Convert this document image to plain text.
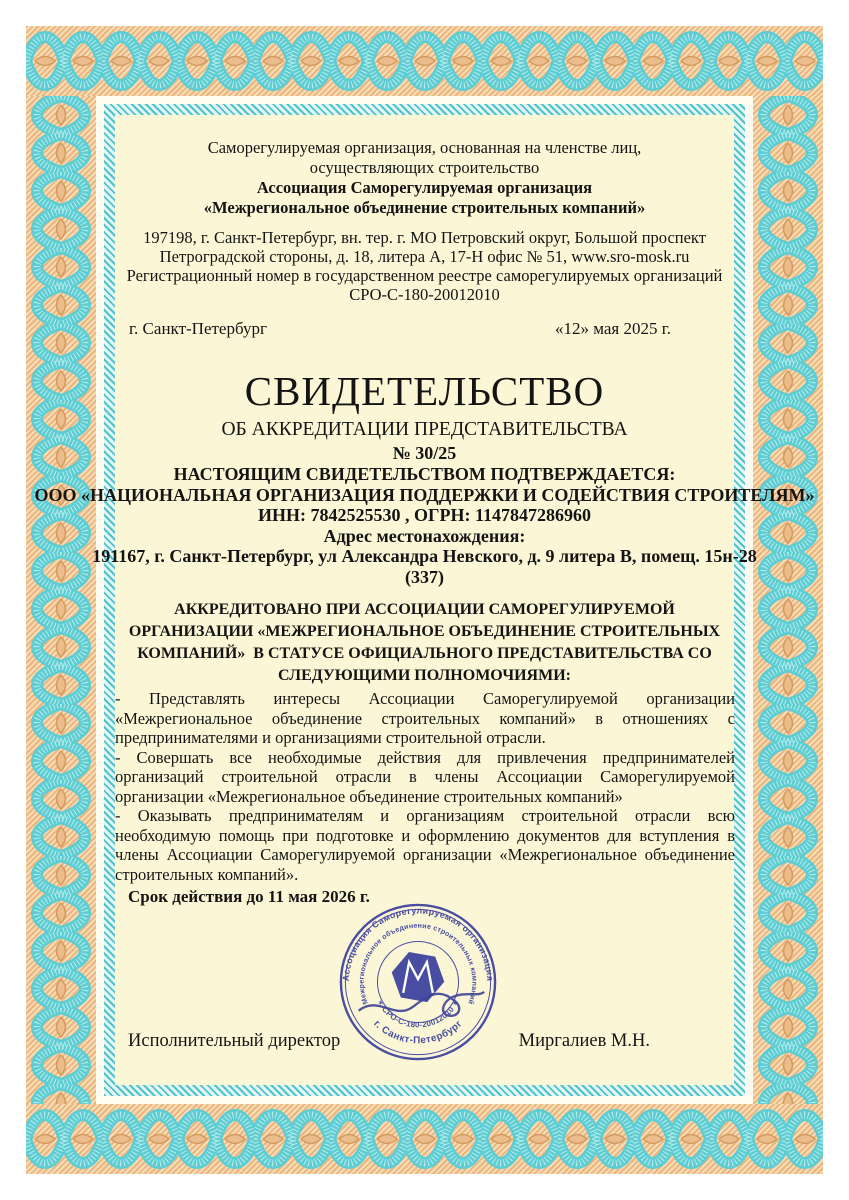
Саморегулируемая организация, основанная на членстве лиц,
осуществляющих строительство
Ассоциация Саморегулируемая организация
«Межрегиональное объединение строительных компаний»
197198, г. Санкт-Петербург, вн. тер. г. МО Петровский округ, Большой проспект
Петроградской стороны, д. 18, литера А, 17-Н офис № 51, www.sro-mosk.ru
Регистрационный номер в государственном реестре саморегулируемых организаций
СРО-С-180-20012010
г. Санкт-Петербург	«12» мая 2025 г.
СВИДЕТЕЛЬСТВО
ОБ АККРЕДИТАЦИИ ПРЕДСТАВИТЕЛЬСТВА
№ 30/25
НАСТОЯЩИМ СВИДЕТЕЛЬСТВОМ ПОДТВЕРЖДАЕТСЯ:
ООО «НАЦИОНАЛЬНАЯ ОРГАНИЗАЦИЯ ПОДДЕРЖКИ И СОДЕЙСТВИЯ СТРОИТЕЛЯМ»
ИНН: 7842525530 , ОГРН: 1147847286960
Адрес местонахождения:
191167, г. Санкт-Петербург, ул Александра Невского, д. 9 литера В, помещ. 15н-28
(337)
АККРЕДИТОВАНО ПРИ АССОЦИАЦИИ САМОРЕГУЛИРУЕМОЙ
ОРГАНИЗАЦИИ «МЕЖРЕГИОНАЛЬНОЕ ОБЪЕДИНЕНИЕ СТРОИТЕЛЬНЫХ
КОМПАНИЙ»  В СТАТУСЕ ОФИЦИАЛЬНОГО ПРЕДСТАВИТЕЛЬСТВА СО
СЛЕДУЮЩИМИ ПОЛНОМОЧИЯМИ:

- Представлять интересы Ассоциации Саморегулируемой организации «Межрегиональное объединение строительных компаний» в отношениях с предпринимателями и организациями строительной отрасли.

- Совершать все необходимые действия для привлечения предпринимателей организаций строительной отрасли в члены Ассоциации Саморегулируемой организации «Межрегиональное объединение строительных компаний»

- Оказывать предпринимателям и организациям строительной отрасли всю необходимую помощь при подготовке и оформлению документов для вступления в члены Ассоциации Саморегулируемой организации «Межрегиональное объединение строительных компаний».

Срок действия до 11 мая 2026 г.
Ассоциация Саморегулируемая организация
Межрегиональное объединение строительных компаний
г. Санкт-Петербург
✶ СРО-С-180-20012010 ✶
Исполнительный директор	Миргалиев М.Н.
